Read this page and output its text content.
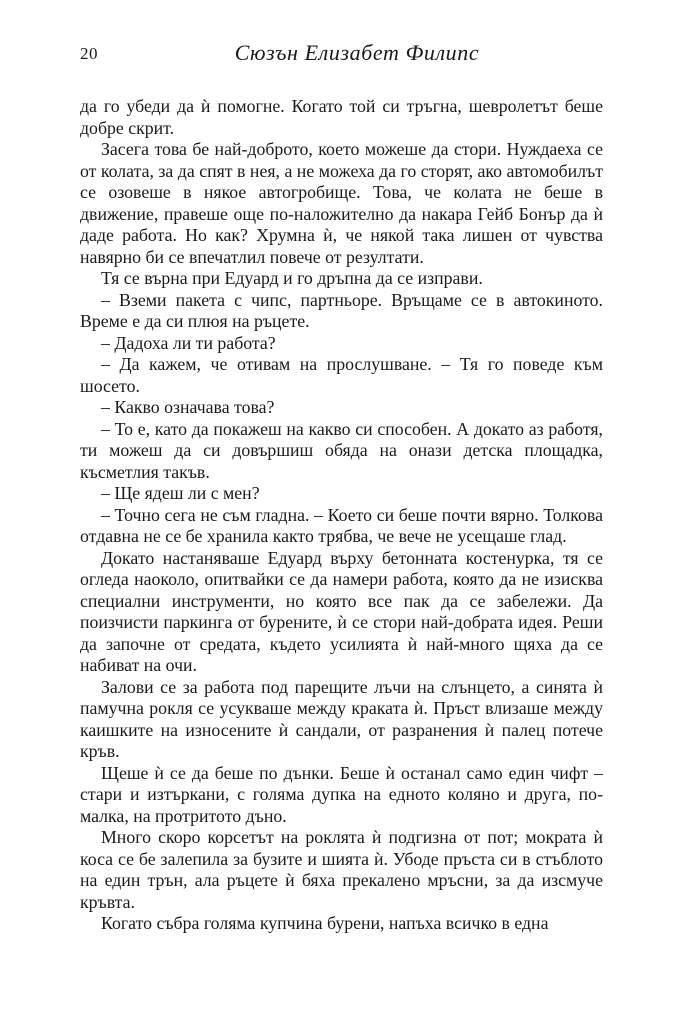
20	Сюзън Елизабет Филипс

да го убеди да ѝ помогне. Когато той си тръгна, шевролетът беше добре скрит.

Засега това бе най-доброто, което можеше да стори. Нуждаеха се от колата, за да спят в нея, а не можеха да го сторят, ако автомобилът се озовеше в някое автогробище. Това, че колата не беше в движение, правеше още по-наложително да накара Гейб Бонър да ѝ даде работа. Но как? Хрумна ѝ, че някой така лишен от чувства навярно би се впечатлил повече от резултати.

Тя се върна при Едуард и го дръпна да се изправи.

– Вземи пакета с чипс, партньоре. Връщаме се в автокиното. Време е да си плюя на ръцете.

– Дадоха ли ти работа?

– Да кажем, че отивам на прослушване. – Тя го поведе към шосето.

– Какво означава това?

– То е, като да покажеш на какво си способен. А докато аз работя, ти можеш да си довършиш обяда на онази детска площадка, късметлия такъв.

– Ще ядеш ли с мен?

– Точно сега не съм гладна. – Което си беше почти вярно. Толкова отдавна не се бе хранила както трябва, че вече не усещаше глад.

Докато настаняваше Едуард върху бетонната костенурка, тя се огледа наоколо, опитвайки се да намери работа, която да не изисква специални инструменти, но която все пак да се забележи. Да поизчисти паркинга от бурените, ѝ се стори най-добрата идея. Реши да започне от средата, където усилията ѝ най-много щяха да се набиват на очи.

Залови се за работа под парещите лъчи на слънцето, а синята ѝ памучна рокля се усукваше между краката ѝ. Пръст влизаше между каишките на износените ѝ сандали, от разранения ѝ палец потече кръв.

Щеше ѝ се да беше по дънки. Беше ѝ останал само един чифт – стари и изтъркани, с голяма дупка на едното коляно и друга, по-малка, на протритото дъно.

Много скоро корсетът на роклята ѝ подгизна от пот; мократа ѝ коса се бе залепила за бузите и шията ѝ. Убоде пръста си в стъблото на един трън, ала ръцете ѝ бяха прекалено мръсни, за да изсмуче кръвта.

Когато събра голяма купчина бурени, напъха всичко в една
